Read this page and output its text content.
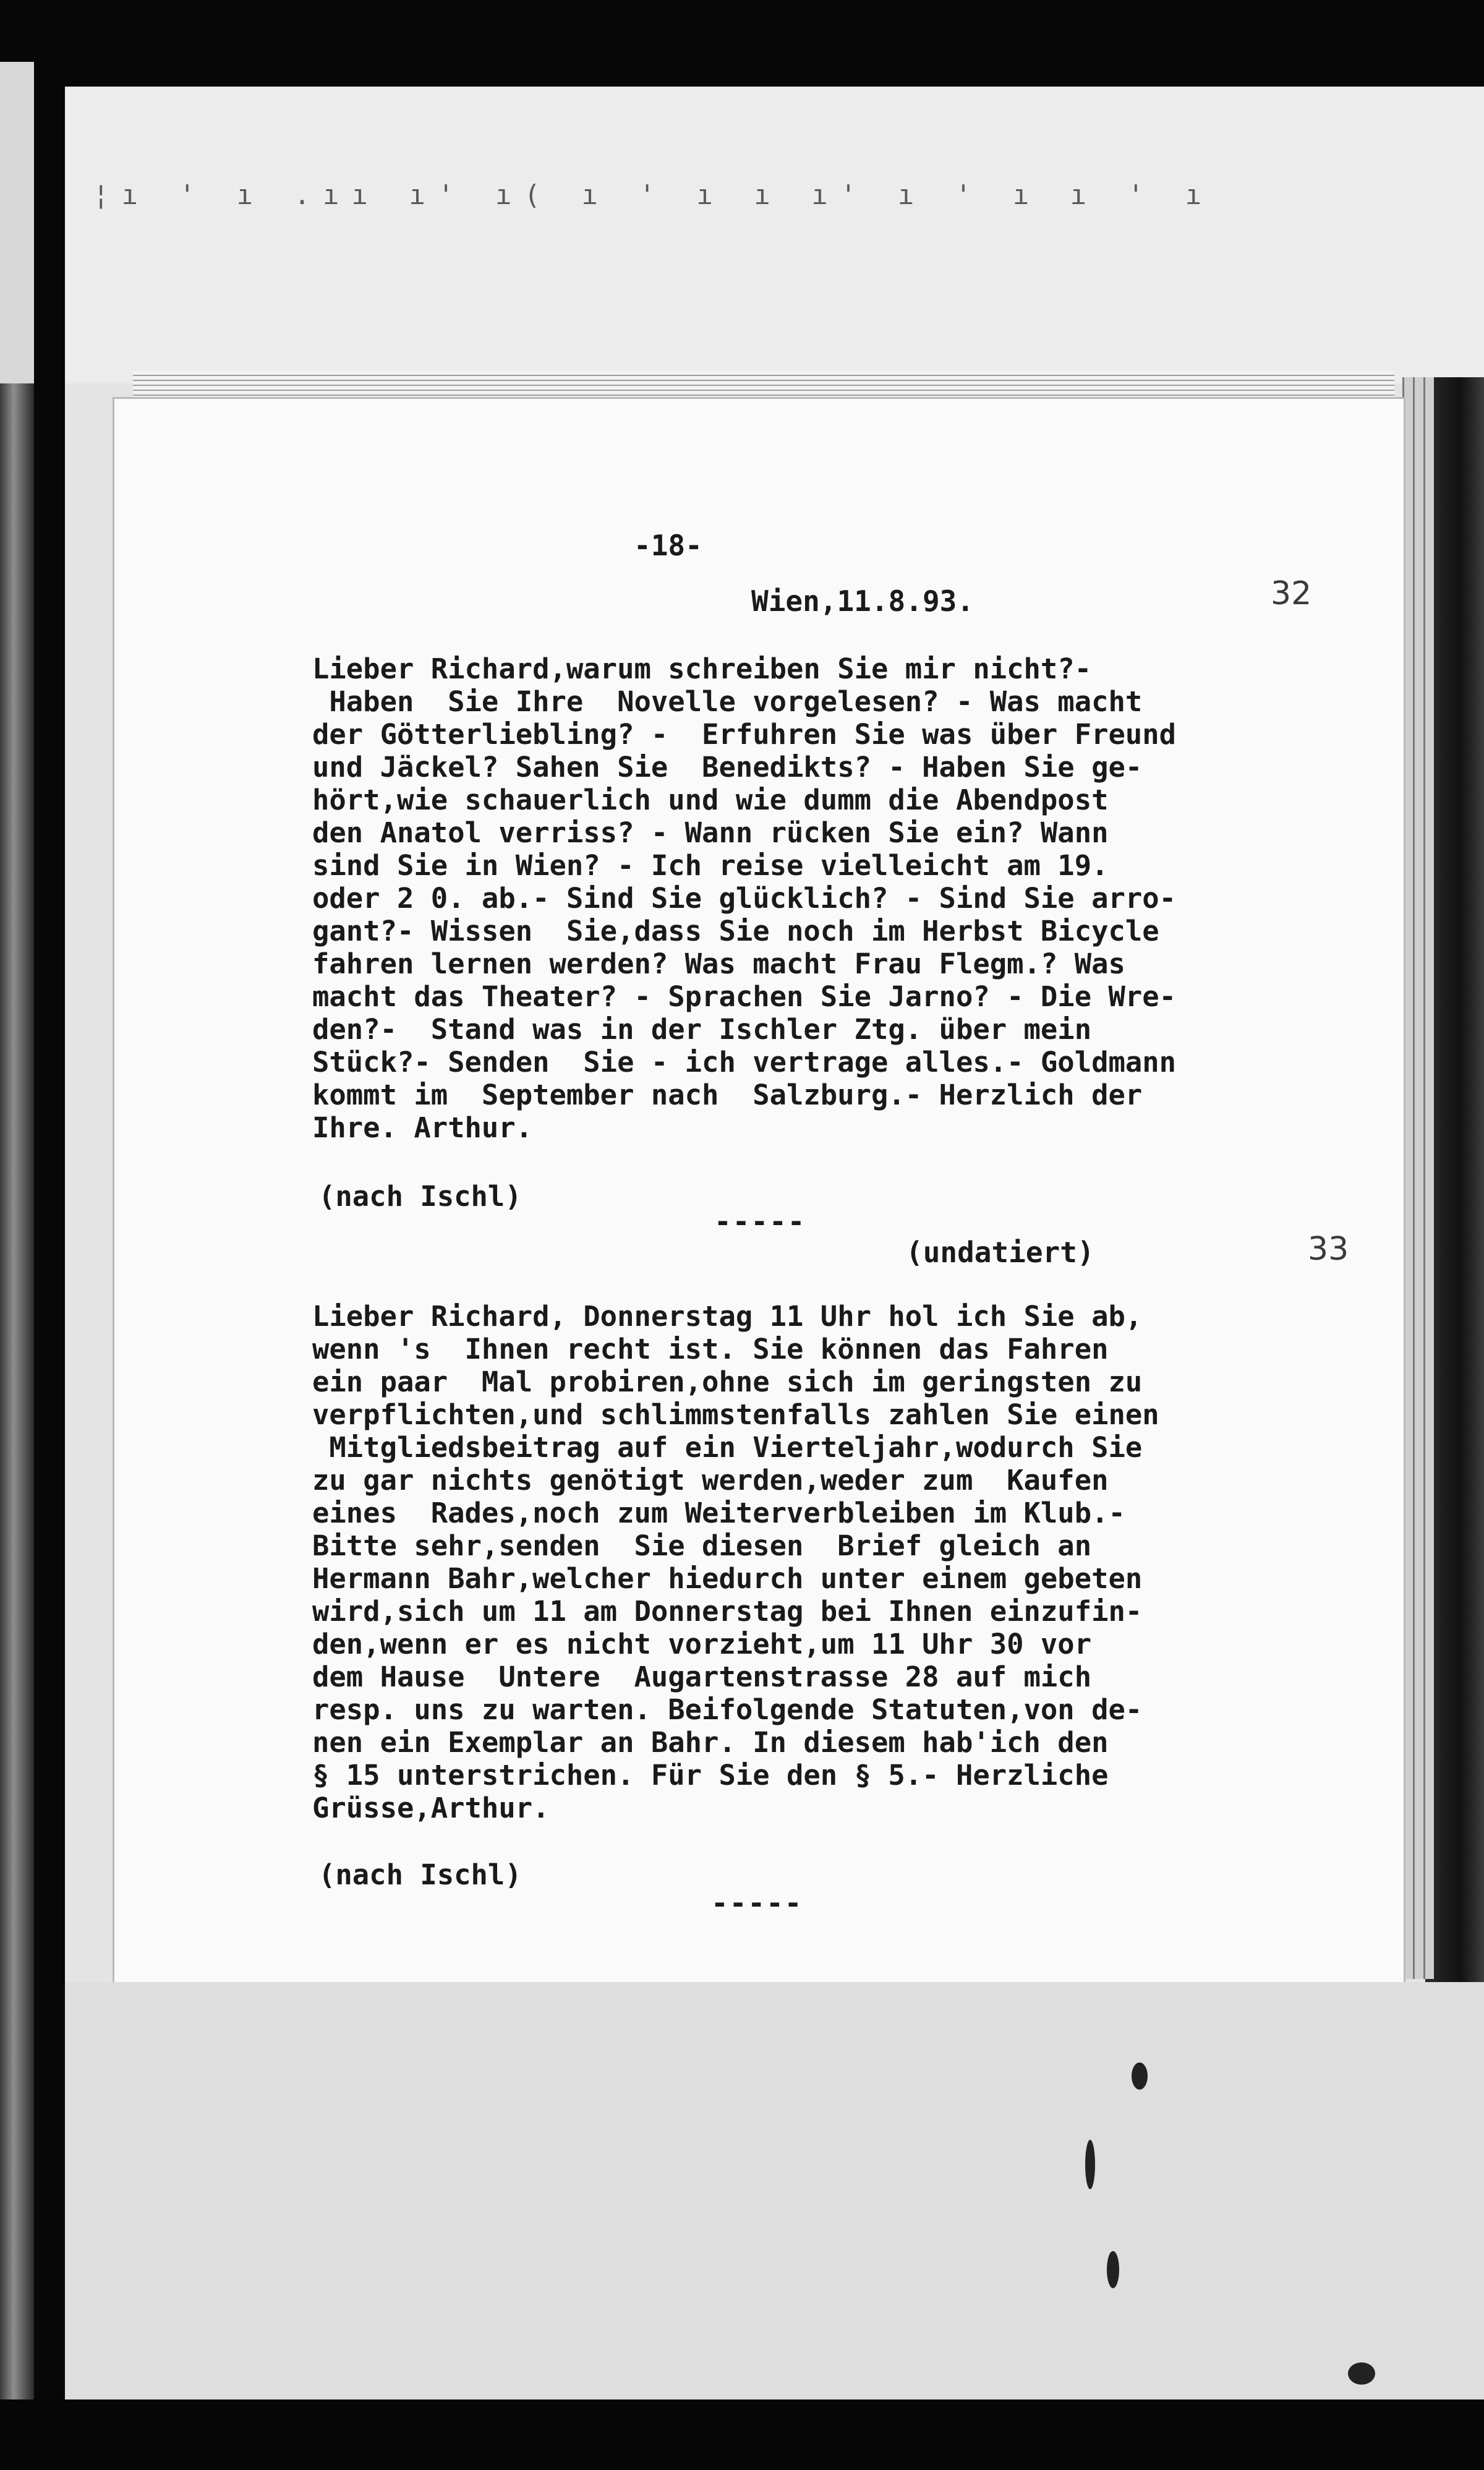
¦ı ' ı .ıı ı' ı( ı ' ı ı ı' ı ' ı ı ' ı
-18-
32
Wien,11.8.93.
Lieber Richard,warum schreiben Sie mir nicht?-
Haben  Sie Ihre  Novelle vorgelesen? - Was macht
der Götterliebling? -  Erfuhren Sie was über Freund
und Jäckel? Sahen Sie  Benedikts? - Haben Sie ge-
hört,wie schauerlich und wie dumm die Abendpost
den Anatol verriss? - Wann rücken Sie ein? Wann
sind Sie in Wien? - Ich reise vielleicht am 19.
oder 2 0. ab.- Sind Sie glücklich? - Sind Sie arro-
gant?- Wissen  Sie,dass Sie noch im Herbst Bicycle
fahren lernen werden? Was macht Frau Flegm.? Was
macht das Theater? - Sprachen Sie Jarno? - Die Wre-
den?-  Stand was in der Ischler Ztg. über mein
Stück?- Senden  Sie - ich vertrage alles.- Goldmann
kommt im  September nach  Salzburg.- Herzlich der
Ihre. Arthur.
(nach Ischl)
-----
(undatiert)	33
Lieber Richard, Donnerstag 11 Uhr hol ich Sie ab,
wenn 's  Ihnen recht ist. Sie können das Fahren
ein paar  Mal probiren,ohne sich im geringsten zu
verpflichten,und schlimmstenfalls zahlen Sie einen
Mitgliedsbeitrag auf ein Vierteljahr,wodurch Sie
zu gar nichts genötigt werden,weder zum  Kaufen
eines  Rades,noch zum Weiterverbleiben im Klub.-
Bitte sehr,senden  Sie diesen  Brief gleich an
Hermann Bahr,welcher hiedurch unter einem gebeten
wird,sich um 11 am Donnerstag bei Ihnen einzufin-
den,wenn er es nicht vorzieht,um 11 Uhr 30 vor
dem Hause  Untere  Augartenstrasse 28 auf mich
resp. uns zu warten. Beifolgende Statuten,von de-
nen ein Exemplar an Bahr. In diesem hab'ich den
§ 15 unterstrichen. Für Sie den § 5.- Herzliche
Grüsse,Arthur.
(nach Ischl)
-----
